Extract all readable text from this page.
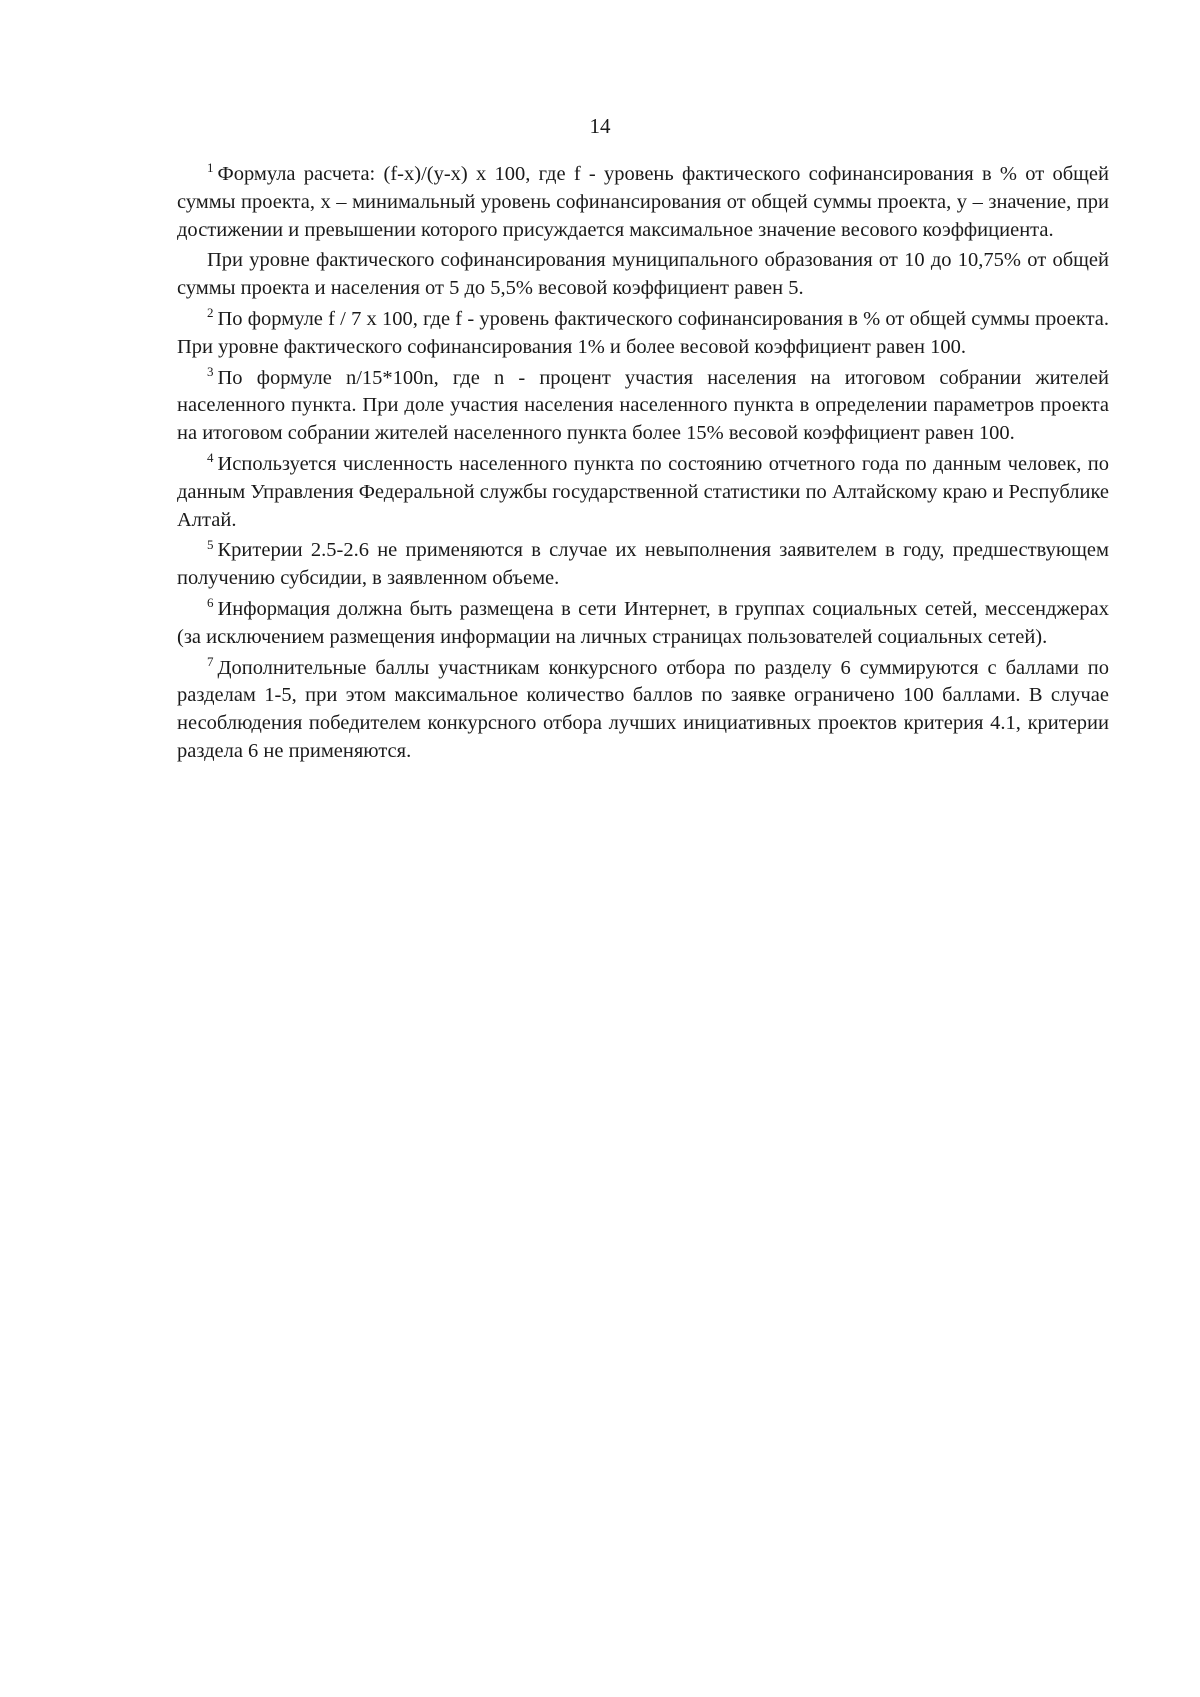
14

$^1$ Формула расчета: (f-x)/(y-x) x 100, где f - уровень фактического софинансирования в % от общей суммы проекта, x – минимальный уровень софинансирования от общей суммы проекта, y – значение, при достижении и превышении которого присуждается максимальное значение весового коэффициента.

При уровне фактического софинансирования муниципального образования от 10 до 10,75% от общей суммы проекта и населения от 5 до 5,5% весовой коэффициент равен 5.

$^2$ По формуле f / 7 x 100, где f - уровень фактического софинансирования в % от общей суммы проекта. При уровне фактического софинансирования 1% и более весовой коэффициент равен 100.

$^3$ По формуле n/15*100n, где n - процент участия населения на итоговом собрании жителей населенного пункта. При доле участия населения населенного пункта в определении параметров проекта на итоговом собрании жителей населенного пункта более 15% весовой коэффициент равен 100.

$^4$ Используется численность населенного пункта по состоянию отчетного года по данным человек, по данным Управления Федеральной службы государственной статистики по Алтайскому краю и Республике Алтай.

$^5$ Критерии 2.5-2.6 не применяются в случае их невыполнения заявителем в году, предшествующем получению субсидии, в заявленном объеме.

$^6$ Информация должна быть размещена в сети Интернет, в группах социальных сетей, мессенджерах (за исключением размещения информации на личных страницах пользователей социальных сетей).

$^7$ Дополнительные баллы участникам конкурсного отбора по разделу 6 суммируются с баллами по разделам 1-5, при этом максимальное количество баллов по заявке ограничено 100 баллами. В случае несоблюдения победителем конкурсного отбора лучших инициативных проектов критерия 4.1, критерии раздела 6 не применяются.
